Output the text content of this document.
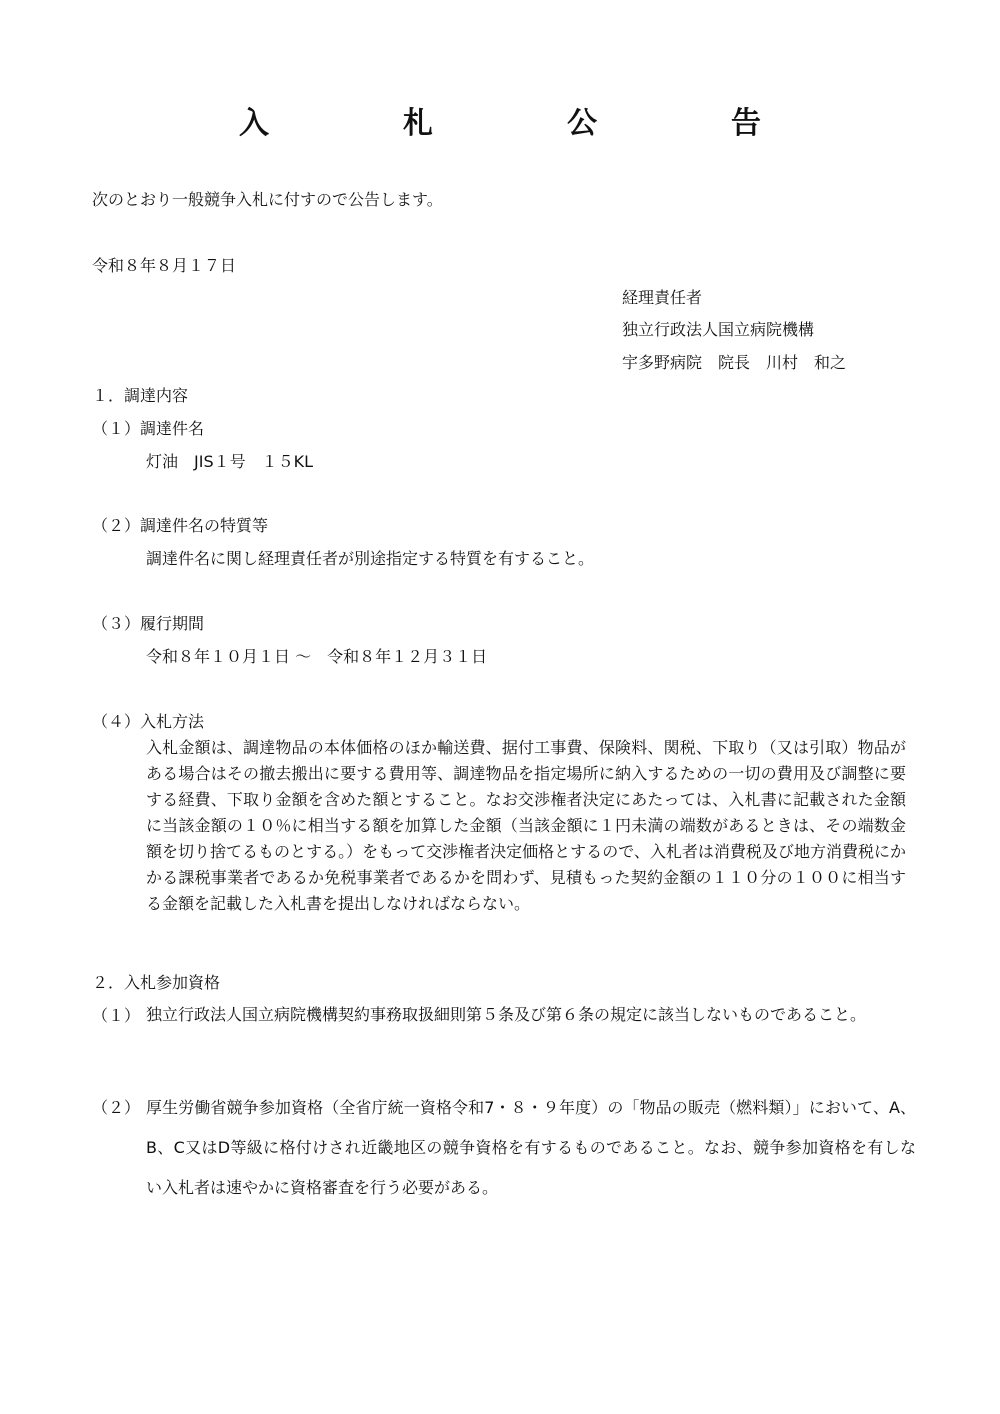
入　札　公　告
次のとおり一般競争入札に付すので公告します。
令和８年８月１７日
経理責任者
独立行政法人国立病院機構
宇多野病院　院長　川村　和之
１．調達内容
（１）調達件名
灯油　JIS１号　１５KL
（２）調達件名の特質等
調達件名に関し経理責任者が別途指定する特質を有すること。
（３）履行期間
令和８年１０月１日 ～　令和８年１２月３１日
（４）入札方法
入札金額は、調達物品の本体価格のほか輸送費、据付工事費、保険料、関税、下取り（又は引取）物品がある場合はその撤去搬出に要する費用等、調達物品を指定場所に納入するための一切の費用及び調整に要する経費、下取り金額を含めた額とすること。なお交渉権者決定にあたっては、入札書に記載された金額に当該金額の１０％に相当する額を加算した金額（当該金額に１円未満の端数があるときは、その端数金額を切り捨てるものとする。）をもって交渉権者決定価格とするので、入札者は消費税及び地方消費税にかかる課税事業者であるか免税事業者であるかを問わず、見積もった契約金額の１１０分の１００に相当する金額を記載した入札書を提出しなければならない。
２．入札参加資格
（１） 独立行政法人国立病院機構契約事務取扱細則第５条及び第６条の規定に該当しないものであること。
（２） 厚生労働省競争参加資格（全省庁統一資格令和7・８・９年度）の「物品の販売（燃料類）」において、A、B、C又はD等級に格付けされ近畿地区の競争資格を有するものであること。なお、競争参加資格を有しない入札者は速やかに資格審査を行う必要がある。
